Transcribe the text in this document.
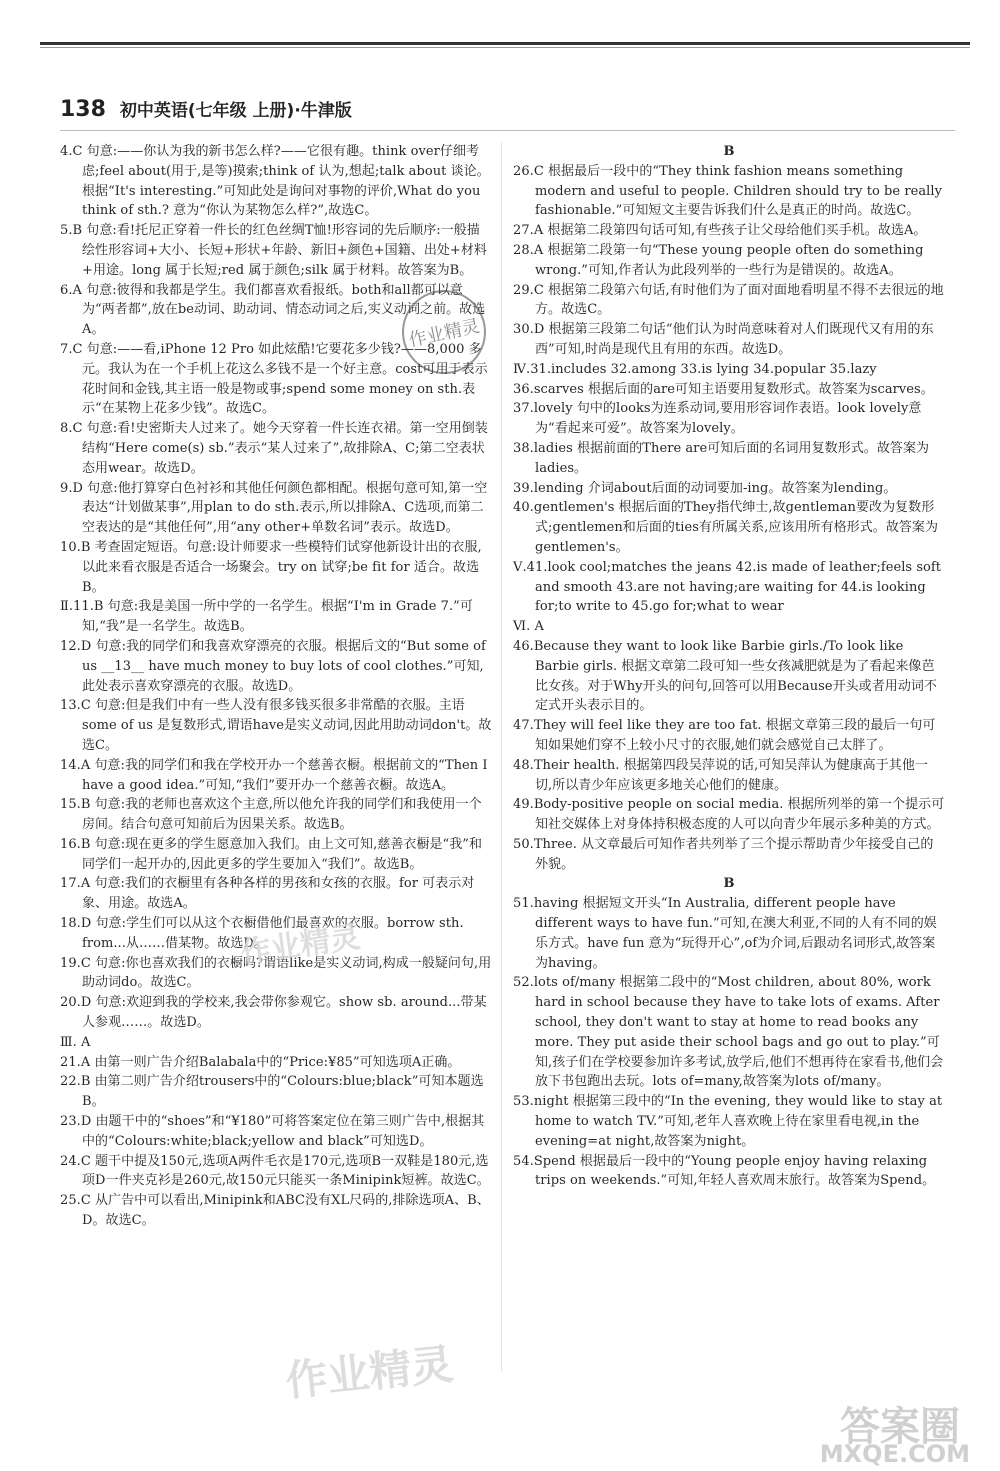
138 初中英语(七年级 上册)·牛津版

4.C 句意:——你认为我的新书怎么样?——它很有趣。think over仔细考虑;feel about(用于,是等)摸索;think of 认为,想起;talk about 谈论。根据“It's interesting.”可知此处是询问对事物的评价,What do you think of sth.? 意为“你认为某物怎么样?”,故选C。

5.B 句意:看!托尼正穿着一件长的红色丝绸T恤!形容词的先后顺序:一般描绘性形容词+大小、长短+形状+年龄、新旧+颜色+国籍、出处+材料+用途。long 属于长短;red 属于颜色;silk 属于材料。故答案为B。

6.A 句意:彼得和我都是学生。我们都喜欢看报纸。both和all都可以意为“两者都”,放在be动词、助动词、情态动词之后,实义动词之前。故选A。

7.C 句意:——看,iPhone 12 Pro 如此炫酷!它要花多少钱?——8,000 多元。我认为在一个手机上花这么多钱不是一个好主意。cost可用于表示花时间和金钱,其主语一般是物或事;spend some money on sth.表示“在某物上花多少钱”。故选C。

8.C 句意:看!史密斯夫人过来了。她今天穿着一件长连衣裙。第一空用倒装结构“Here come(s) sb.”表示“某人过来了”,故排除A、C;第二空表状态用wear。故选D。

9.D 句意:他打算穿白色衬衫和其他任何颜色都相配。根据句意可知,第一空表达“计划做某事”,用plan to do sth.表示,所以排除A、C选项,而第二空表达的是“其他任何”,用“any other+单数名词”表示。故选D。

10.B 考查固定短语。句意:设计师要求一些模特们试穿他新设计出的衣服,以此来看衣服是否适合一场聚会。try on 试穿;be fit for 适合。故选B。

Ⅱ.11.B 句意:我是美国一所中学的一名学生。根据“I'm in Grade 7.”可知,“我”是一名学生。故选B。

12.D 句意:我的同学们和我喜欢穿漂亮的衣服。根据后文的“But some of us __13__ have much money to buy lots of cool clothes.”可知,此处表示喜欢穿漂亮的衣服。故选D。

13.C 句意:但是我们中有一些人没有很多钱买很多非常酷的衣服。主语some of us 是复数形式,谓语have是实义动词,因此用助动词don't。故选C。

14.A 句意:我的同学们和我在学校开办一个慈善衣橱。根据前文的“Then I have a good idea.”可知,“我们”要开办一个慈善衣橱。故选A。

15.B 句意:我的老师也喜欢这个主意,所以他允许我的同学们和我使用一个房间。结合句意可知前后为因果关系。故选B。

16.B 句意:现在更多的学生愿意加入我们。由上文可知,慈善衣橱是“我”和同学们一起开办的,因此更多的学生要加入“我们”。故选B。

17.A 句意:我们的衣橱里有各种各样的男孩和女孩的衣服。for 可表示对象、用途。故选A。

18.D 句意:学生们可以从这个衣橱借他们最喜欢的衣服。borrow sth. from...从……借某物。故选D。

19.C 句意:你也喜欢我们的衣橱吗?谓语like是实义动词,构成一般疑问句,用助动词do。故选C。

20.D 句意:欢迎到我的学校来,我会带你参观它。show sb. around...带某人参观……。故选D。

Ⅲ. A

21.A 由第一则广告介绍Balabala中的“Price:¥85”可知选项A正确。

22.B 由第二则广告介绍trousers中的“Colours:blue;black”可知本题选B。

23.D 由题干中的“shoes”和“¥180”可将答案定位在第三则广告中,根据其中的“Colours:white;black;yellow and black”可知选D。

24.C 题干中提及150元,选项A两件毛衣是170元,选项B一双鞋是180元,选项D一件夹克衫是260元,故150元只能买一条Minipink短裤。故选C。

25.C 从广告中可以看出,Minipink和ABC没有XL尺码的,排除选项A、B、D。故选C。

B

26.C 根据最后一段中的“They think fashion means something modern and useful to people. Children should try to be really fashionable.”可知短文主要告诉我们什么是真正的时尚。故选C。

27.A 根据第二段第四句话可知,有些孩子让父母给他们买手机。故选A。

28.A 根据第二段第一句“These young people often do something wrong.”可知,作者认为此段列举的一些行为是错误的。故选A。

29.C 根据第二段第六句话,有时他们为了面对面地看明星不得不去很远的地方。故选C。

30.D 根据第三段第二句话“他们认为时尚意味着对人们既现代又有用的东西”可知,时尚是现代且有用的东西。故选D。

Ⅳ.31.includes 32.among 33.is lying 34.popular 35.lazy

36.scarves 根据后面的are可知主语要用复数形式。故答案为scarves。

37.lovely 句中的looks为连系动词,要用形容词作表语。look lovely意为“看起来可爱”。故答案为lovely。

38.ladies 根据前面的There are可知后面的名词用复数形式。故答案为ladies。

39.lending 介词about后面的动词要加-ing。故答案为lending。

40.gentlemen's 根据后面的They指代绅士,故gentleman要改为复数形式;gentlemen和后面的ties有所属关系,应该用所有格形式。故答案为gentlemen's。

Ⅴ.41.look cool;matches the jeans 42.is made of leather;feels soft and smooth 43.are not having;are waiting for 44.is looking for;to write to 45.go for;what to wear

Ⅵ. A

46.Because they want to look like Barbie girls./To look like Barbie girls. 根据文章第二段可知一些女孩减肥就是为了看起来像芭比女孩。对于Why开头的问句,回答可以用Because开头或者用动词不定式开头表示目的。

47.They will feel like they are too fat. 根据文章第三段的最后一句可知如果她们穿不上较小尺寸的衣服,她们就会感觉自己太胖了。

48.Their health. 根据第四段吴萍说的话,可知吴萍认为健康高于其他一切,所以青少年应该更多地关心他们的健康。

49.Body-positive people on social media. 根据所列举的第一个提示可知社交媒体上对身体持积极态度的人可以向青少年展示多种美的方式。

50.Three. 从文章最后可知作者共列举了三个提示帮助青少年接受自己的外貌。

B

51.having 根据短文开头“In Australia, different people have different ways to have fun.”可知,在澳大利亚,不同的人有不同的娱乐方式。have fun 意为“玩得开心”,of为介词,后跟动名词形式,故答案为having。

52.lots of/many 根据第二段中的“Most children, about 80%, work hard in school because they have to take lots of exams. After school, they don't want to stay at home to read books any more. They put aside their school bags and go out to play.”可知,孩子们在学校要参加许多考试,放学后,他们不想再待在家看书,他们会放下书包跑出去玩。lots of=many,故答案为lots of/many。

53.night 根据第三段中的“In the evening, they would like to stay at home to watch TV.”可知,老年人喜欢晚上待在家里看电视,in the evening=at night,故答案为night。

54.Spend 根据最后一段中的“Young people enjoy having relaxing trips on weekends.”可知,年轻人喜欢周末旅行。故答案为Spend。

作业精灵
作业精灵
作业精灵
答案圈
MXQE.COM
